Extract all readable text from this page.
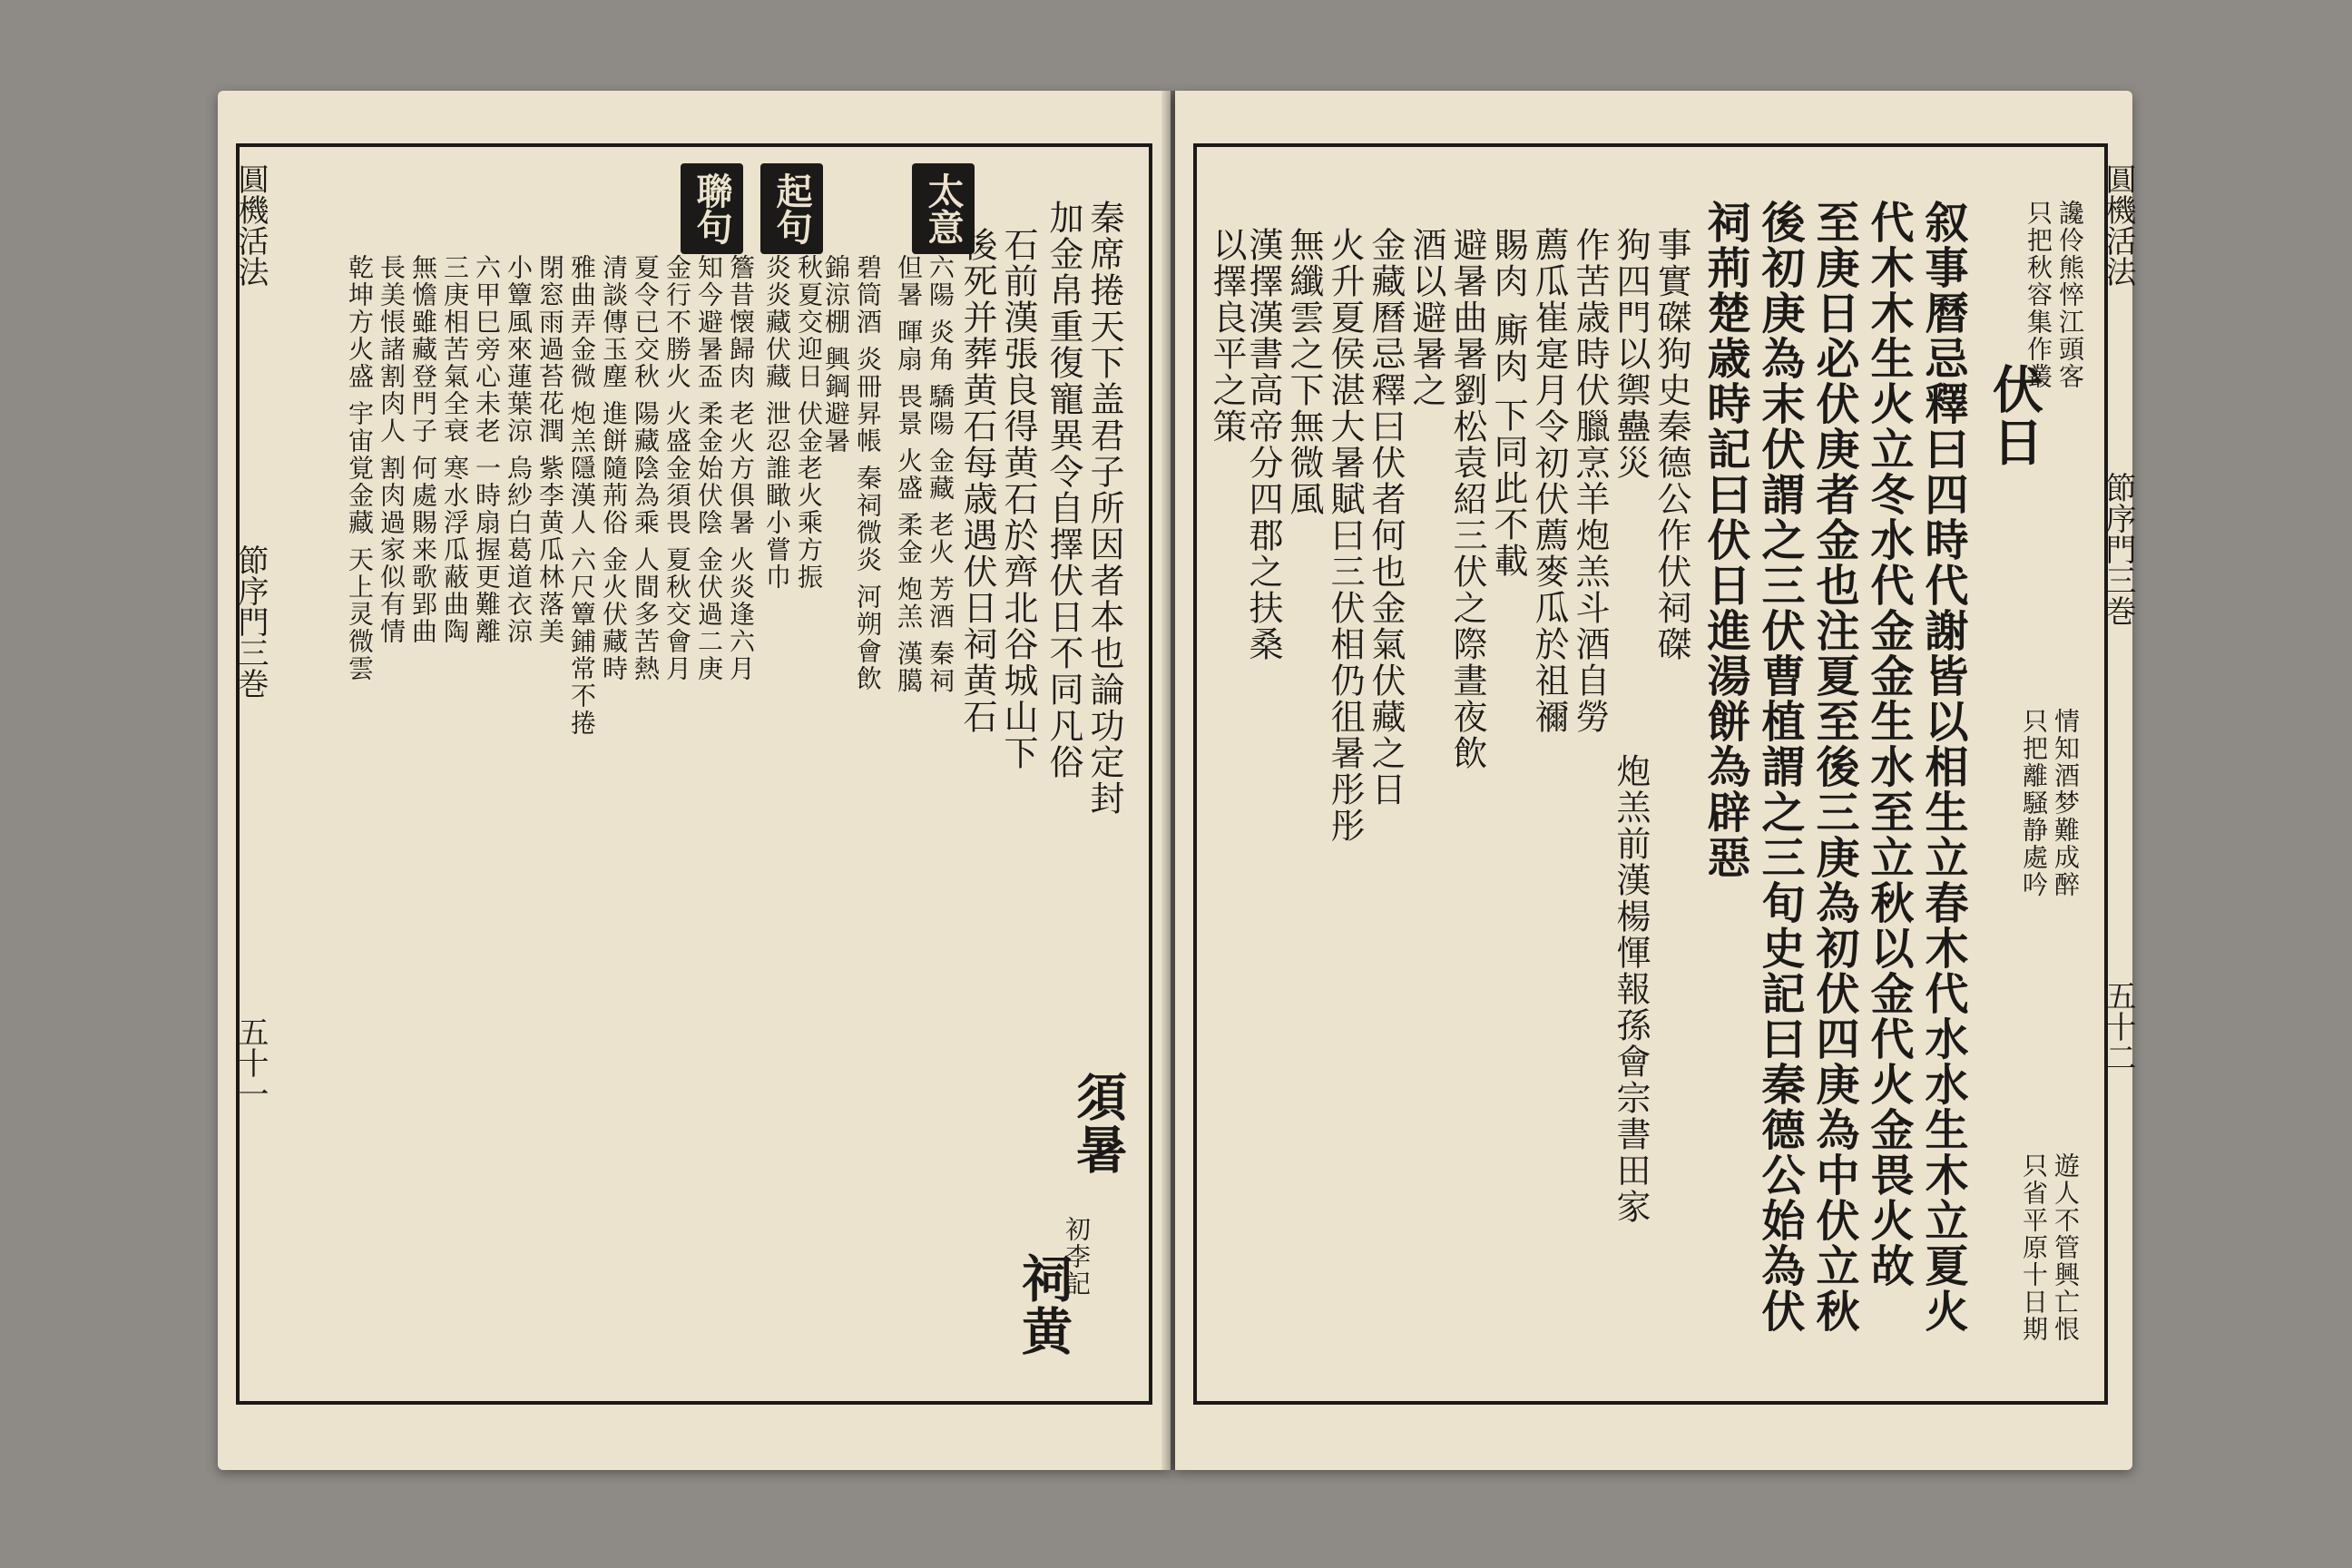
圓機活法
節序門三巻
五十一
太意
起句
聯句	秦席捲天下盖君子所因者本也論功定封
加金帛重復寵異令自擇伏日不同凡俗
須暑
初李記
祠黄
石前漢張良得黄石於齊北谷城山下
後死并葬黄石每歳遇伏日祠黄石
六陽 炎角 驕陽 金藏 老火 芳酒 秦祠
但暑 暉扇 畏景 火盛 柔金 炮羔 漢臈
碧筒酒 炎冊昇帳 秦祠微炎 河朔會飲
錦涼棚 興鋼避暑
秋夏交迎日 伏金老火乘方振
炎炎藏伏藏 泄忍誰瞰小嘗巾
簷昔懐歸肉 老火方俱暑 火炎逢六月
知今避暑盃 柔金始伏陰 金伏過二庚
金行不勝火 火盛金須畏 夏秋交會月
夏令已交秋 陽藏陰為乘 人間多苦熱
清談傳玉塵 進餅隨荊俗 金火伏藏時
雅曲弄金微 炮羔隱漢人 六尺簟鋪常不捲
閉窓雨過苔花潤 紫李黄瓜林落美
小簟風來蓮葉涼 烏紗白葛道衣涼
六甲巳旁心未老 一時扇握更難離
三庚相苦氣全衰 寒水浮瓜蔽曲陶
無憺雖藏登門子 何處賜来歌郢曲
長美悵諸割肉人 割肉過家似有情
乾坤方火盛 宇宙覚金藏 天上灵微雲
圓機活法
節序門三巻
五十二
伏日
讒伶熊悴江頭客
只把秋容集作叢
情知酒梦難成醉
只把離騒静處吟
遊人不管興亡恨
只省平原十日期
叙事曆忌釋曰四時代謝皆以相生立春木代水水生木立夏火
代木木生火立冬水代金金生水至立秋以金代火金畏火故
至庚日必伏庚者金也注夏至後三庚為初伏四庚為中伏立秋
後初庚為末伏謂之三伏曹植謂之三旬史記曰秦德公始為伏
祠荊楚歳時記曰伏日進湯餅為辟惡
事實磔狗史秦德公作伏祠磔
狗四門以禦蠱災
炮羔前漢楊惲報孫會宗書田家
作苦歳時伏臘烹羊炮羔斗酒自勞
薦瓜崔寔月令初伏薦麥瓜於祖禰
賜肉 廝肉 下同此不載
避暑曲暑劉松袁紹三伏之際晝夜飲
酒以避暑之
金藏曆忌釋曰伏者何也金氣伏藏之日
火升夏侯湛大暑賦曰三伏相仍徂暑彤彤
無纖雲之下無微風
漢擇漢書高帝分四郡之扶桑
以擇良平之策
